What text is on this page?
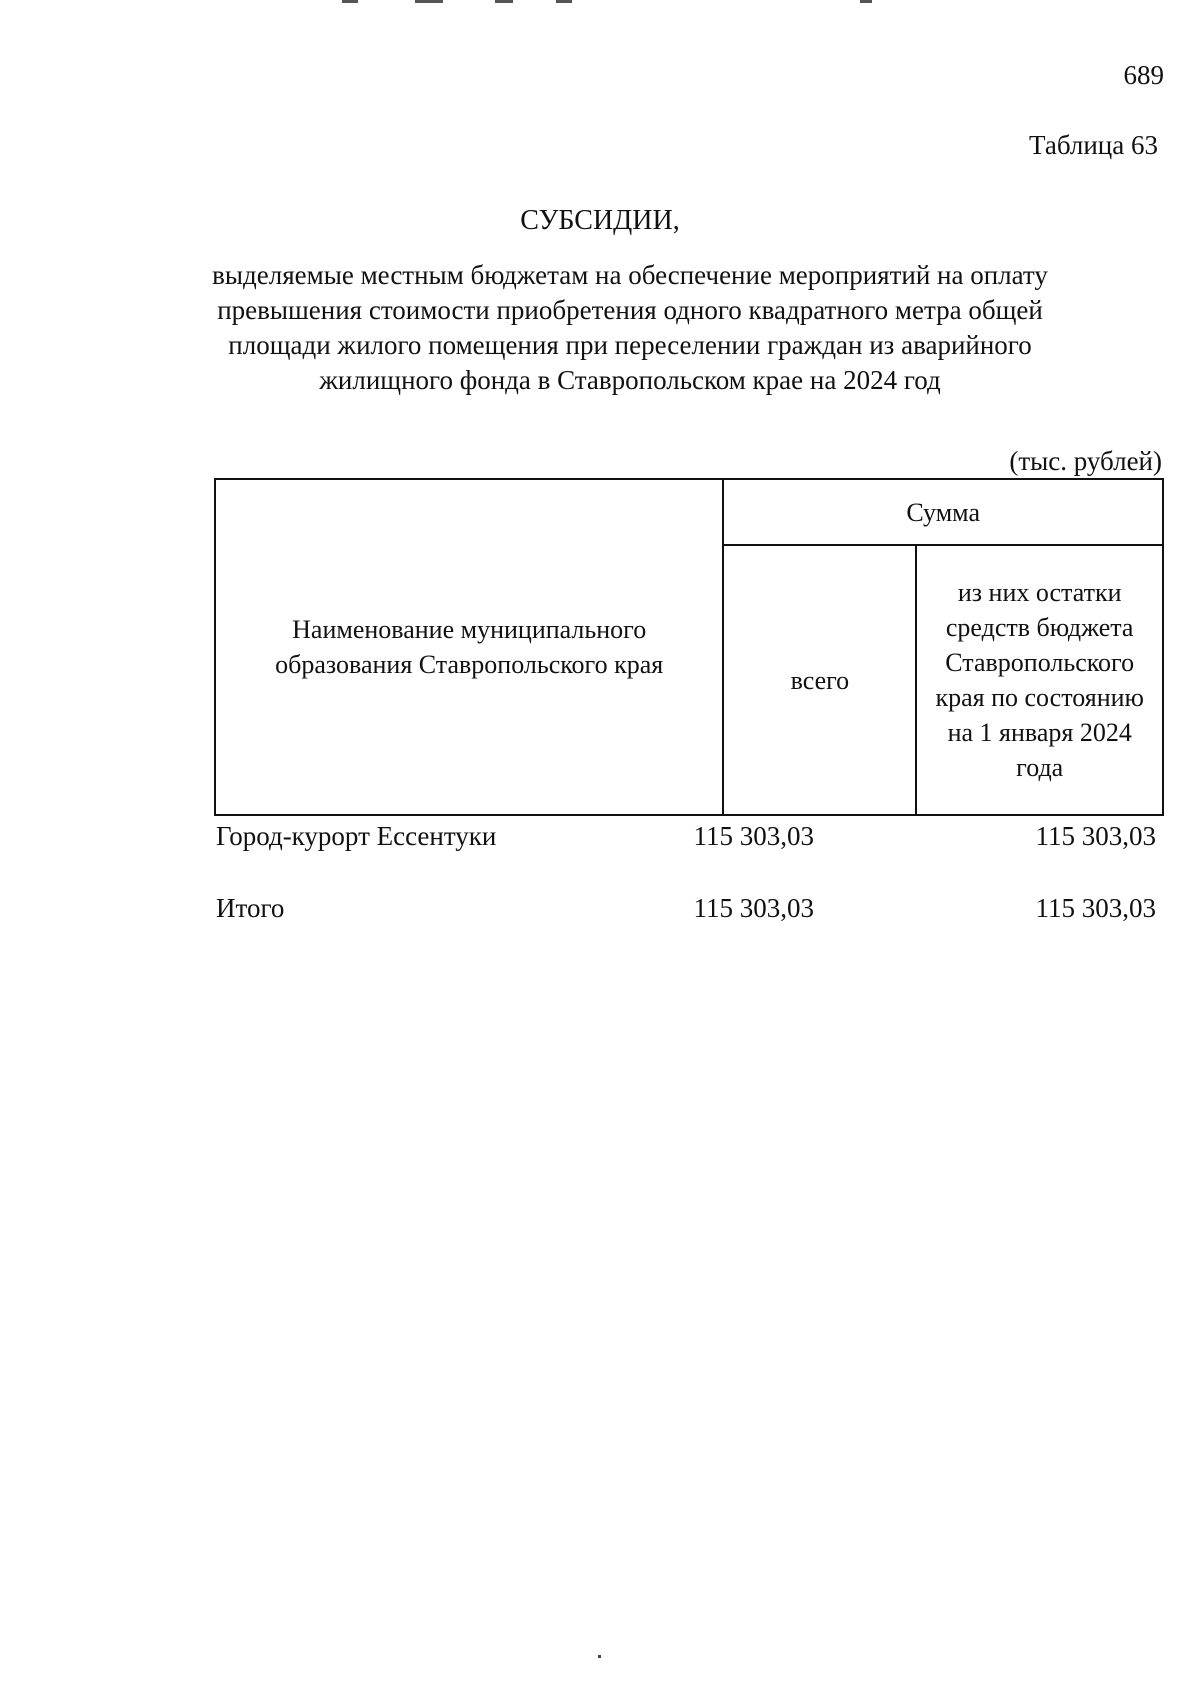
689
Таблица 63
СУБСИДИИ,
выделяемые местным бюджетам на обеспечение мероприятий на оплату превышения стоимости приобретения одного квадратного метра общей площади жилого помещения при переселении граждан из аварийного жилищного фонда в Ставропольском крае на 2024 год
(тыс. рублей)
Наименование муниципального образования Ставропольского края	Сумма	
	всего	из них остатки средств бюджета Ставропольского края по состоянию на 1 января 2024 года
Город-курорт Ессентуки	115 303,03	115 303,03
Итого	115 303,03	115 303,03
